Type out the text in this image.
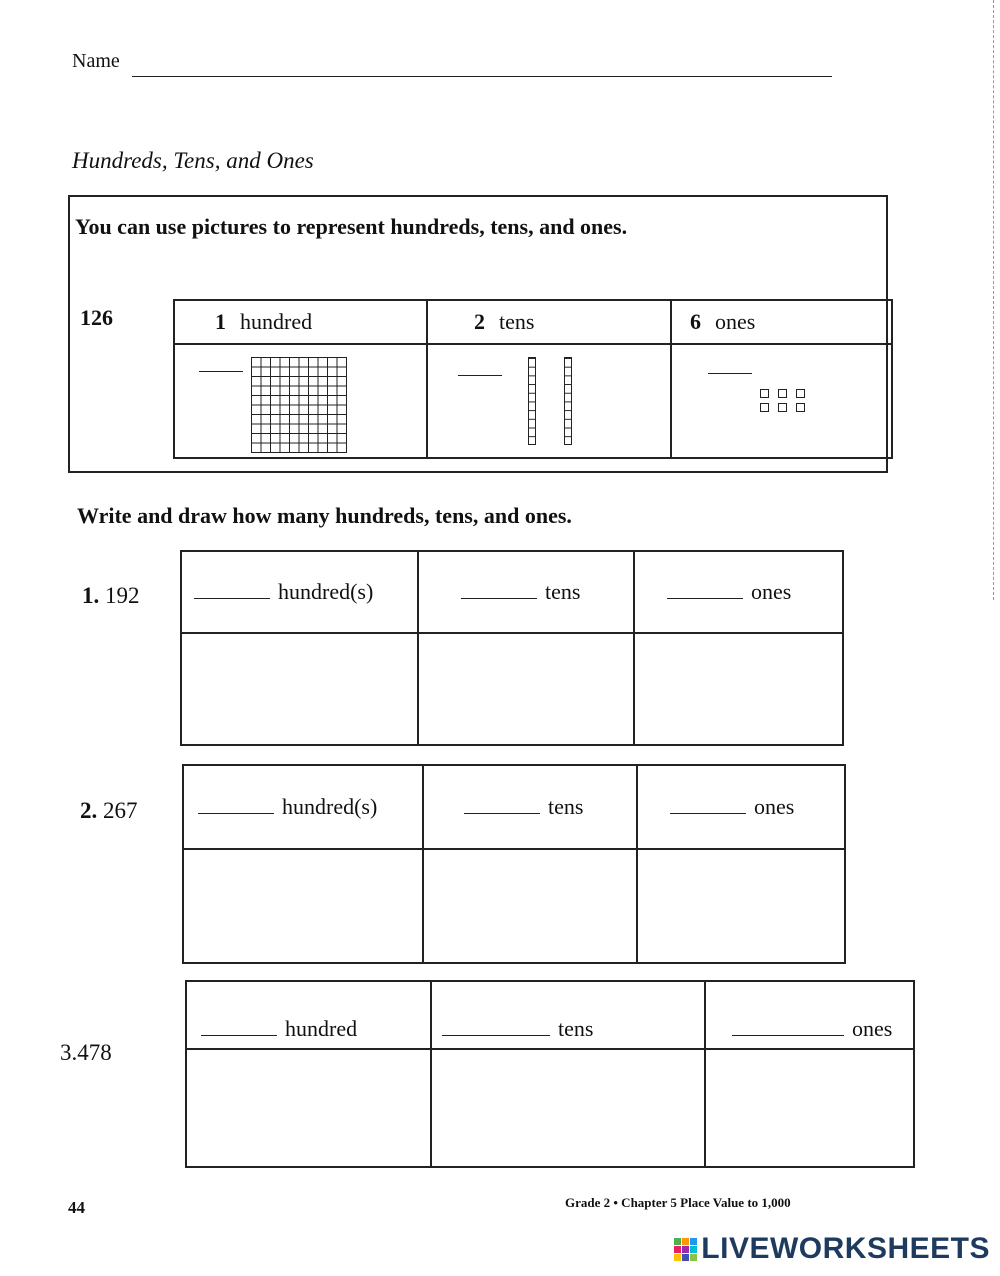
Name
Hundreds, Tens, and Ones
You can use pictures to represent hundreds, tens, and ones.
126	1 hundred	2 tens	6 ones

Write and draw how many hundreds, tens, and ones.
1. 192	hundred(s)	tens	ones

2. 267	hundred(s)	tens	ones

3.478
hundred	tens	ones

44	Grade 2 • Chapter 5 Place Value to 1,000
LIVEWORKSHEETS
